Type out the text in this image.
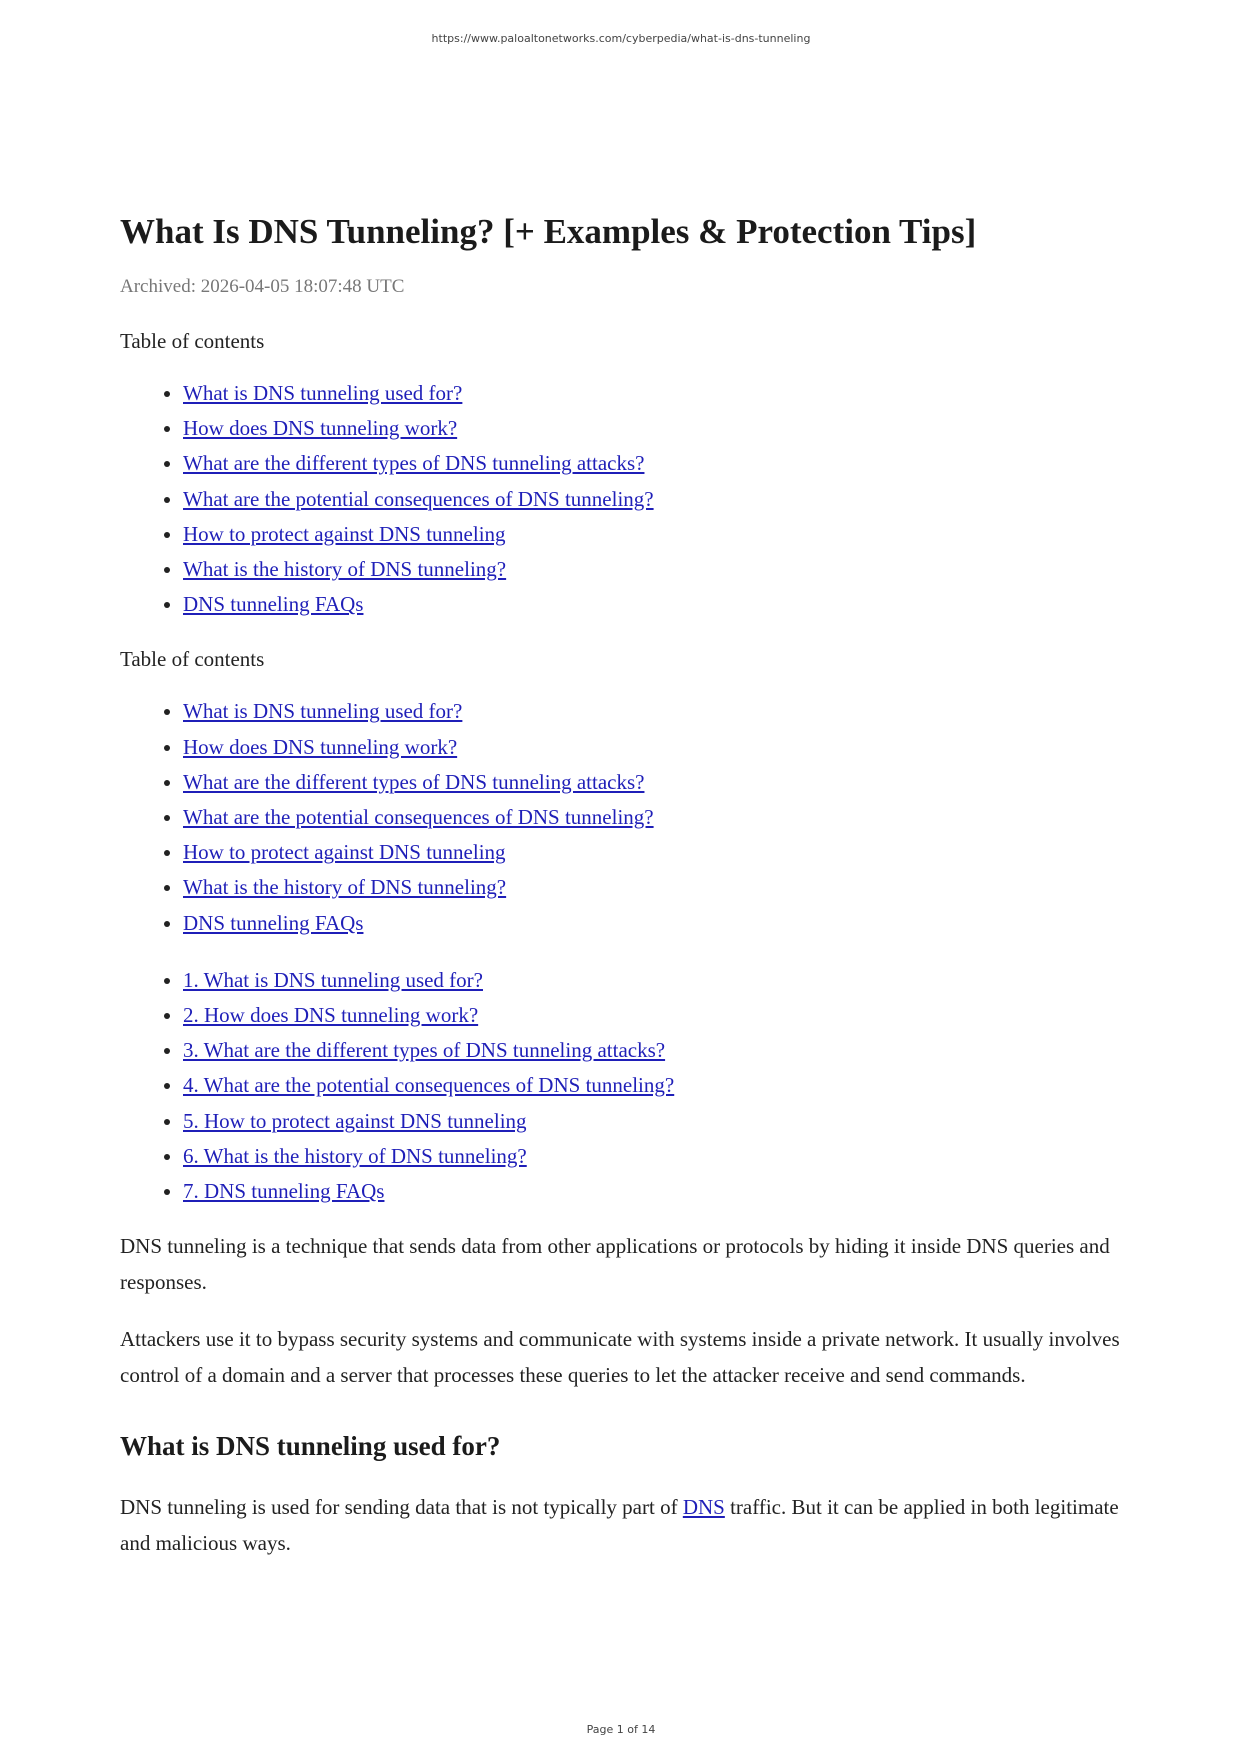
https://www.paloaltonetworks.com/cyberpedia/what-is-dns-tunneling
What Is DNS Tunneling? [+ Examples & Protection Tips]
Archived: 2026-04-05 18:07:48 UTC
Table of contents
• What is DNS tunneling used for?
• How does DNS tunneling work?
• What are the different types of DNS tunneling attacks?
• What are the potential consequences of DNS tunneling?
• How to protect against DNS tunneling
• What is the history of DNS tunneling?
• DNS tunneling FAQs
Table of contents
• What is DNS tunneling used for?
• How does DNS tunneling work?
• What are the different types of DNS tunneling attacks?
• What are the potential consequences of DNS tunneling?
• How to protect against DNS tunneling
• What is the history of DNS tunneling?
• DNS tunneling FAQs
• 1. What is DNS tunneling used for?
• 2. How does DNS tunneling work?
• 3. What are the different types of DNS tunneling attacks?
• 4. What are the potential consequences of DNS tunneling?
• 5. How to protect against DNS tunneling
• 6. What is the history of DNS tunneling?
• 7. DNS tunneling FAQs

DNS tunneling is a technique that sends data from other applications or protocols by hiding it inside DNS queries and responses.

Attackers use it to bypass security systems and communicate with systems inside a private network. It usually involves control of a domain and a server that processes these queries to let the attacker receive and send commands.

What is DNS tunneling used for?

DNS tunneling is used for sending data that is not typically part of DNS traffic. But it can be applied in both legitimate and malicious ways.

Page 1 of 14
